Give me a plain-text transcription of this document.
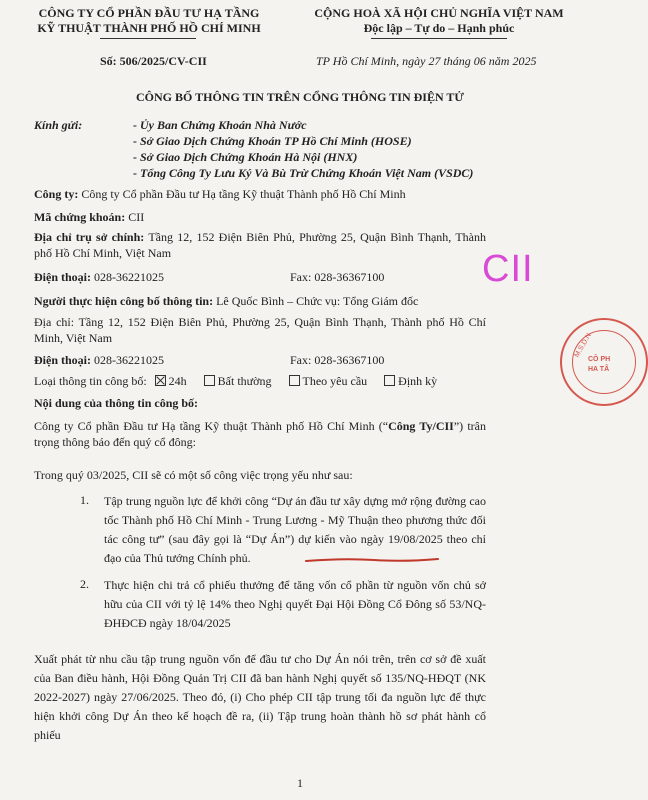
CÔNG TY CỔ PHẦN ĐẦU TƯ HẠ TẦNG
KỸ THUẬT THÀNH PHỐ HỒ CHÍ MINH
CỘNG HOÀ XÃ HỘI CHỦ NGHĨA VIỆT NAM
Độc lập – Tự do – Hạnh phúc
Số: 506/2025/CV-CII	TP Hồ Chí Minh, ngày 27 tháng 06 năm 2025
CÔNG BỐ THÔNG TIN TRÊN CỔNG THÔNG TIN ĐIỆN TỬ
Kính gửi:	- Ủy Ban Chứng Khoán Nhà Nước
- Sở Giao Dịch Chứng Khoán TP Hồ Chí Minh (HOSE)
- Sở Giao Dịch Chứng Khoán Hà Nội (HNX)
- Tổng Công Ty Lưu Ký Và Bù Trừ Chứng Khoán Việt Nam (VSDC)
Công ty: Công ty Cổ phần Đầu tư Hạ tầng Kỹ thuật Thành phố Hồ Chí Minh
Mã chứng khoán: CII
Địa chỉ trụ sở chính: Tầng 12, 152 Điện Biên Phủ, Phường 25, Quận Bình Thạnh, Thành phố Hồ Chí Minh, Việt Nam
Điện thoại: 028-36221025	Fax: 028-36367100
Người thực hiện công bố thông tin: Lê Quốc Bình – Chức vụ: Tổng Giám đốc
Địa chỉ: Tầng 12, 152 Điện Biên Phủ, Phường 25, Quận Bình Thạnh, Thành phố Hồ Chí Minh, Việt Nam
Điện thoại: 028-36221025	Fax: 028-36367100
Loại thông tin công bố: 24h	Bất thường	Theo yêu cầu	Định kỳ
Nội dung của thông tin công bố:
Công ty Cổ phần Đầu tư Hạ tầng Kỹ thuật Thành phố Hồ Chí Minh (“Công Ty/CII”) trân trọng thông báo đến quý cổ đông:
Trong quý 03/2025, CII sẽ có một số công việc trọng yếu như sau:
1. Tập trung nguồn lực để khởi công “Dự án đầu tư xây dựng mở rộng đường cao tốc Thành phố Hồ Chí Minh - Trung Lương - Mỹ Thuận theo phương thức đối tác công tư” (sau đây gọi là “Dự Án”) dự kiến vào ngày 19/08/2025 theo chỉ đạo của Thủ tướng Chính phủ.
2. Thực hiện chi trả cổ phiếu thưởng để tăng vốn cổ phần từ nguồn vốn chủ sở hữu của CII với tỷ lệ 14% theo Nghị quyết Đại Hội Đồng Cổ Đông số 53/NQ-ĐHĐCĐ ngày 18/04/2025
Xuất phát từ nhu cầu tập trung nguồn vốn để đầu tư cho Dự Án nói trên, trên cơ sở đề xuất của Ban điều hành, Hội Đồng Quản Trị CII đã ban hành Nghị quyết số 135/NQ-HĐQT (NK 2022-2027) ngày 27/06/2025. Theo đó, (i) Cho phép CII tập trung tối đa nguồn lực để thực hiện khởi công Dự Án theo kế hoạch đề ra, (ii) Tập trung hoàn thành hồ sơ phát hành cổ phiếu
1
CII
M.S.D.N
CÔ PH
HA TÂ
